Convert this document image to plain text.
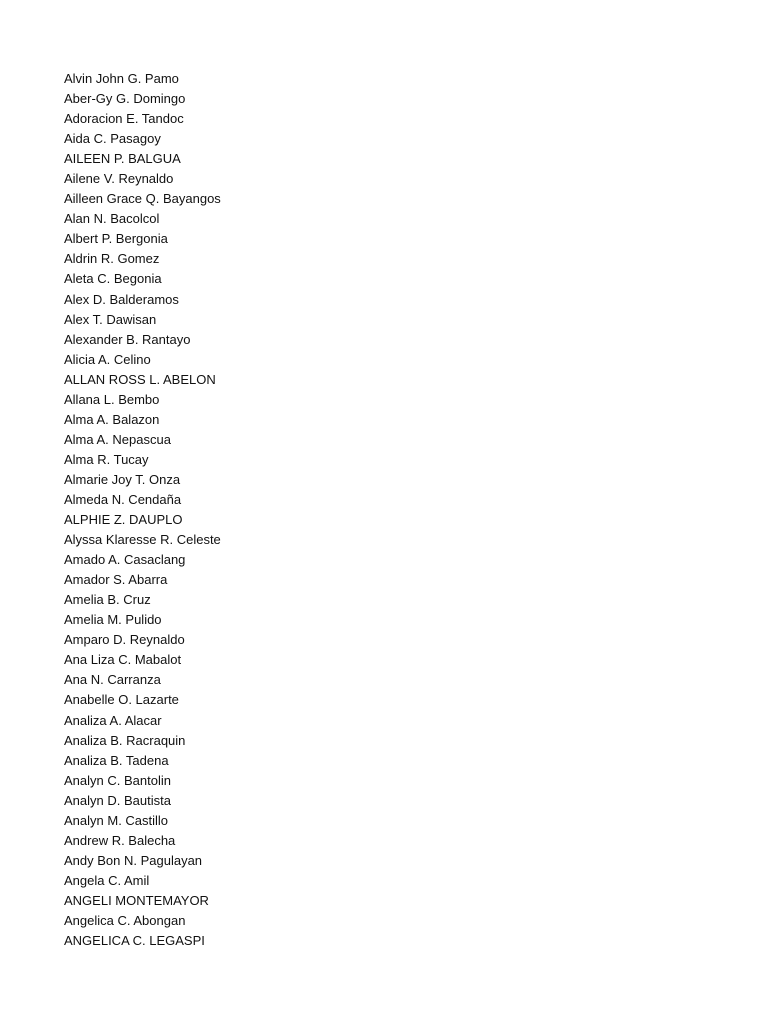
Alvin John G. Pamo
Aber-Gy G. Domingo
Adoracion E. Tandoc
Aida C. Pasagoy
AILEEN P. BALGUA
Ailene V. Reynaldo
Ailleen Grace Q. Bayangos
Alan N. Bacolcol
Albert P. Bergonia
Aldrin R. Gomez
Aleta C. Begonia
Alex D. Balderamos
Alex T. Dawisan
Alexander B. Rantayo
Alicia A. Celino
ALLAN ROSS L. ABELON
Allana L. Bembo
Alma A. Balazon
Alma A. Nepascua
Alma R. Tucay
Almarie Joy T. Onza
Almeda N. Cendaña
ALPHIE Z. DAUPLO
Alyssa Klaresse R. Celeste
Amado A. Casaclang
Amador S. Abarra
Amelia B. Cruz
Amelia M. Pulido
Amparo D. Reynaldo
Ana Liza C. Mabalot
Ana N. Carranza
Anabelle O. Lazarte
Analiza A. Alacar
Analiza B. Racraquin
Analiza B. Tadena
Analyn C. Bantolin
Analyn D. Bautista
Analyn M. Castillo
Andrew R. Balecha
Andy Bon N. Pagulayan
Angela C. Amil
ANGELI MONTEMAYOR
Angelica C. Abongan
ANGELICA C. LEGASPI
